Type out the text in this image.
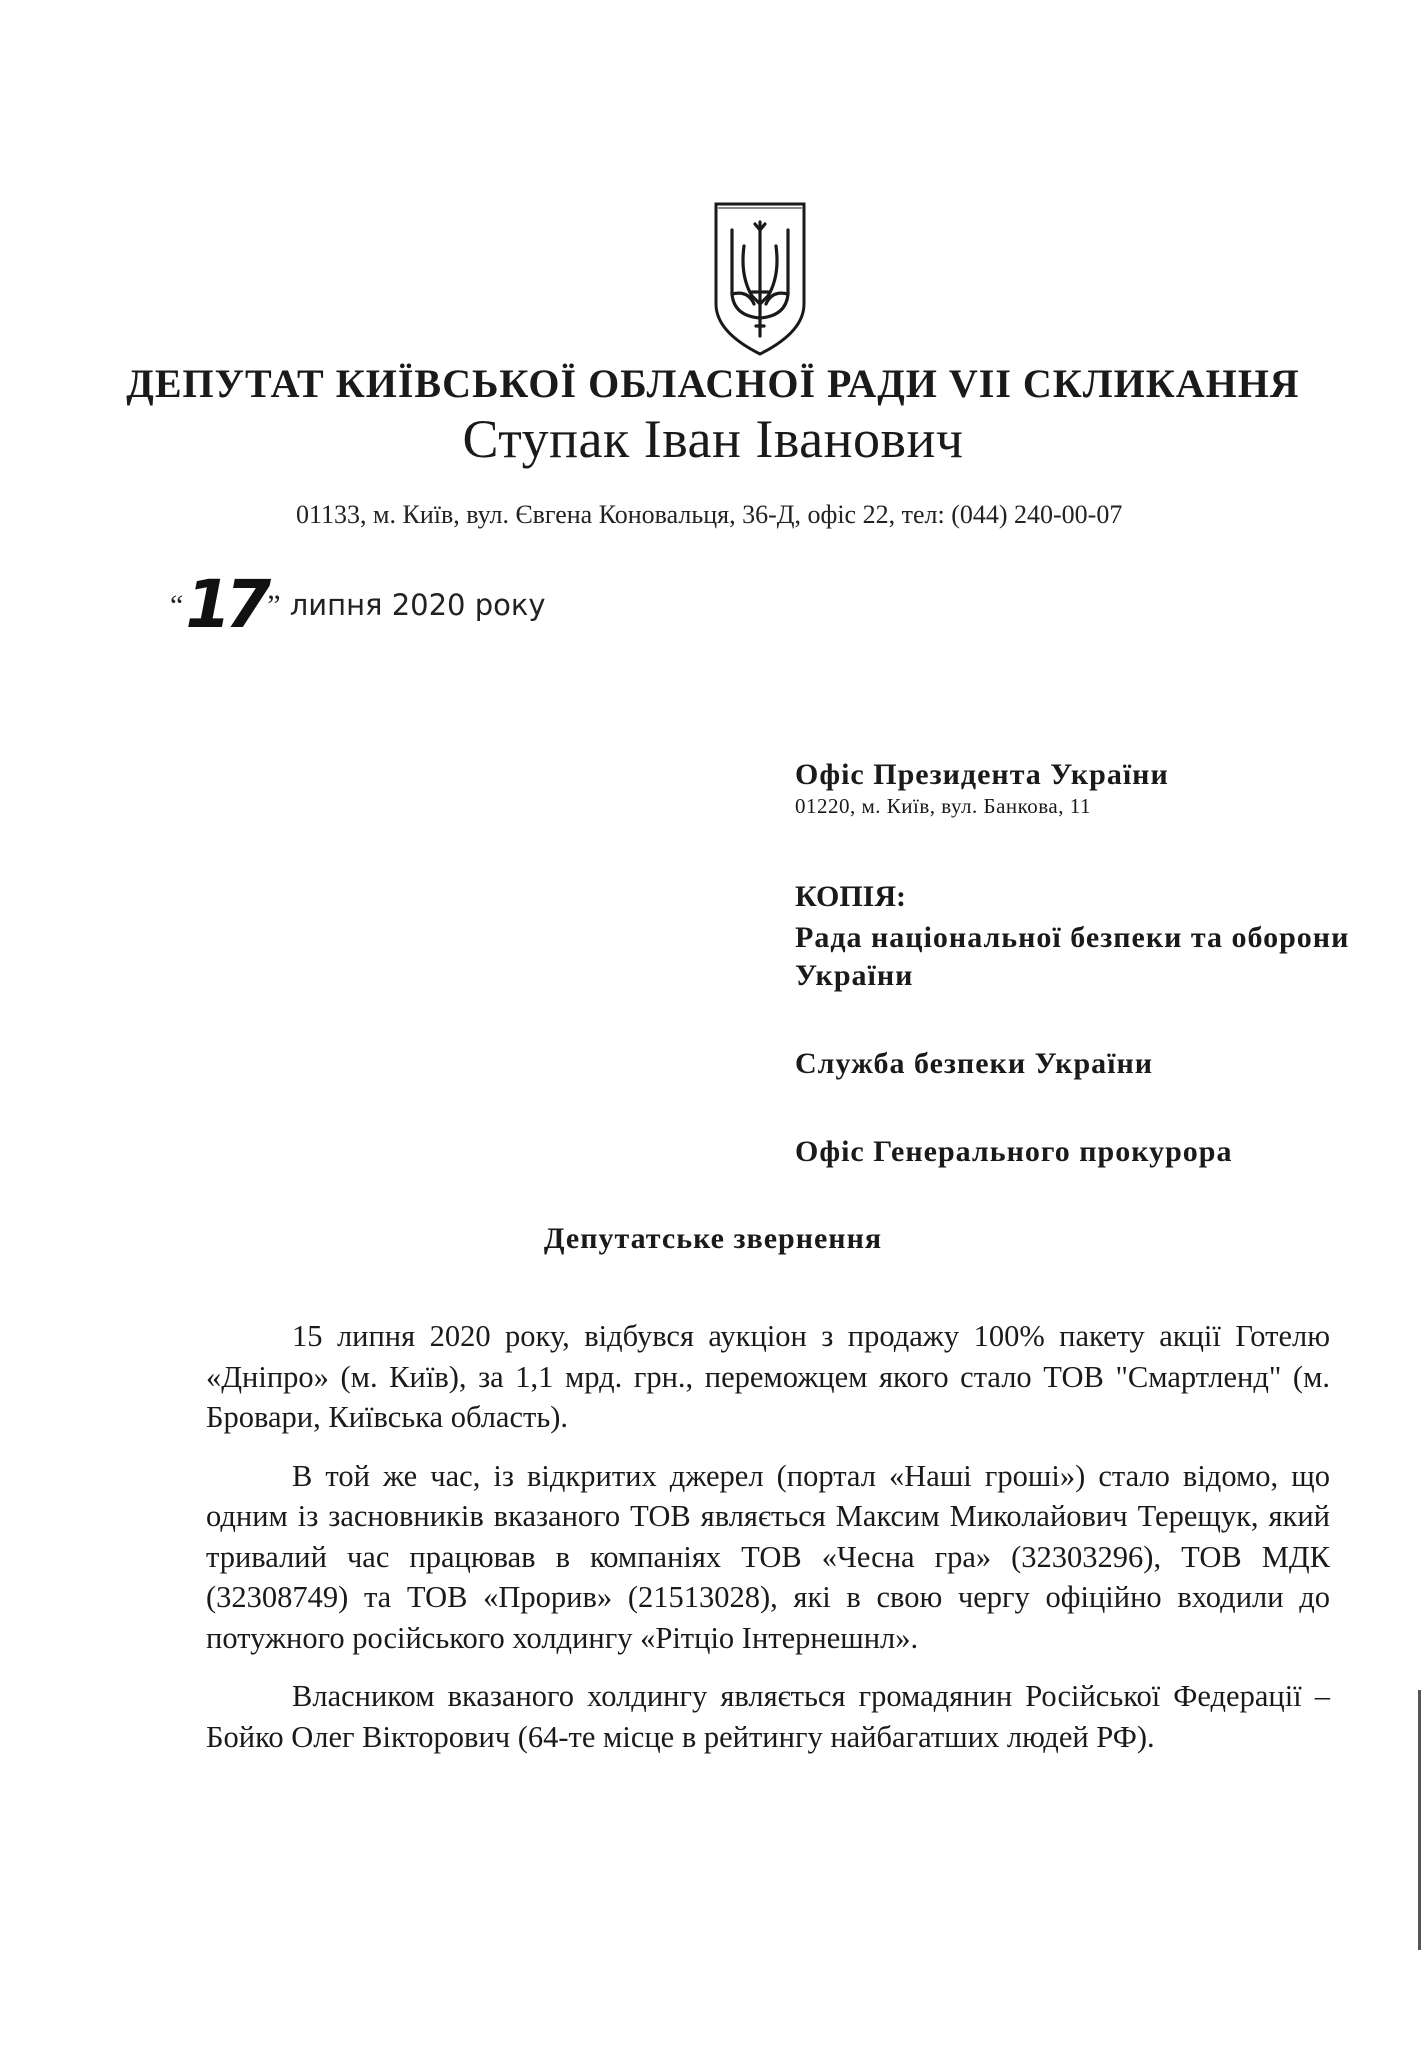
ДЕПУТАТ КИЇВСЬКОЇ ОБЛАСНОЇ РАДИ VII СКЛИКАННЯ
Ступак Іван Іванович
01133, м. Київ, вул. Євгена Коновальця, 36-Д, офіс 22, тел: (044) 240-00-07
“17” липня 2020 року
Офіс Президента України
01220, м. Київ, вул. Банкова, 11
КОПІЯ:
Рада національної безпеки та оборони України
Служба безпеки України
Офіс Генерального прокурора
Депутатське звернення

15 липня 2020 року, відбувся аукціон з продажу 100% пакету акції Готелю «Дніпро» (м. Київ), за 1,1 мрд. грн., переможцем якого стало ТОВ "Смартленд" (м. Бровари, Київська область).

В той же час, із відкритих джерел (портал «Наші гроші») стало відомо, що одним із засновників вказаного ТОВ являється Максим Миколайович Терещук, який тривалий час працював в компаніях ТОВ «Чесна гра» (32303296), ТОВ МДК (32308749) та ТОВ «Прорив» (21513028), які в свою чергу офіційно входили до потужного російського холдингу «Рітціо Інтернешнл».

Власником вказаного холдингу являється громадянин Російської Федерації – Бойко Олег Вікторович (64-те місце в рейтингу найбагатших людей РФ).
